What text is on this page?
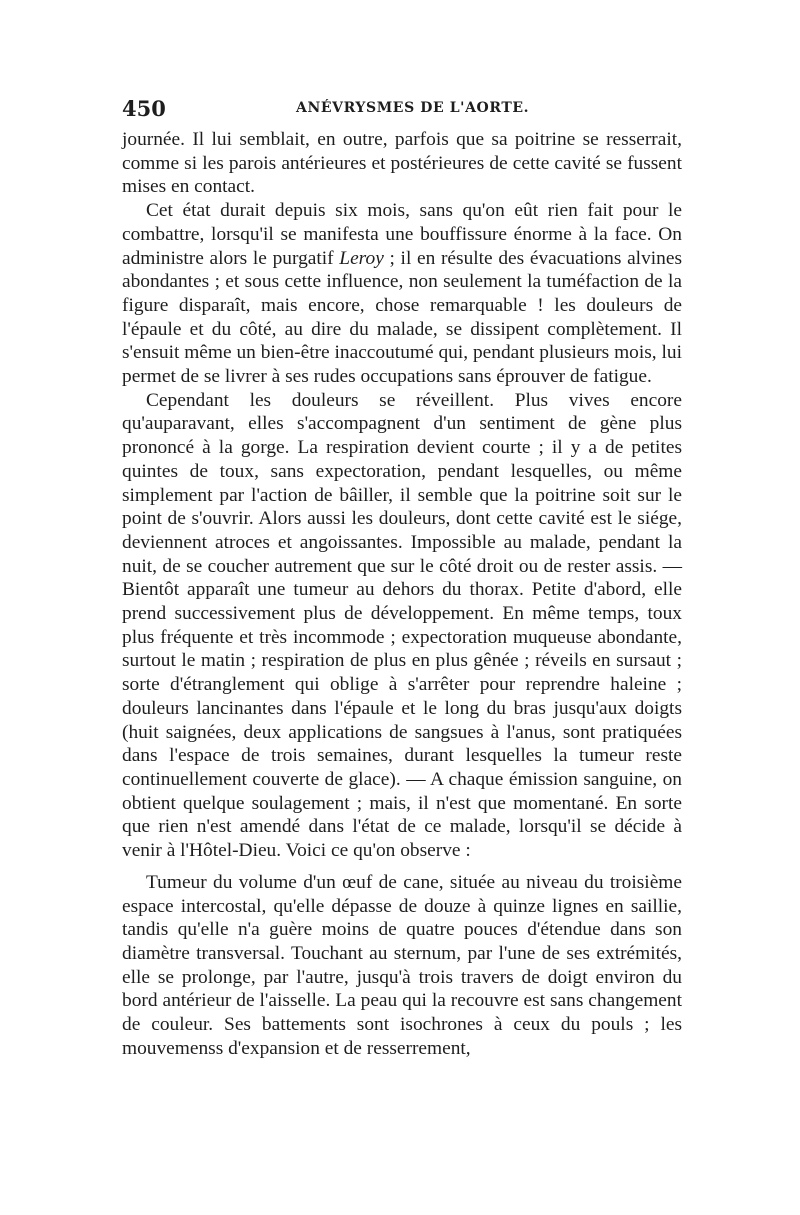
450	ANÉVRYSMES DE L'AORTE.

journée. Il lui semblait, en outre, parfois que sa poitrine se resserrait, comme si les parois antérieures et postérieures de cette cavité se fussent mises en contact.

Cet état durait depuis six mois, sans qu'on eût rien fait pour le combattre, lorsqu'il se manifesta une bouffissure énorme à la face. On administre alors le purgatif Leroy ; il en résulte des évacuations alvines abondantes ; et sous cette influence, non seulement la tuméfaction de la figure disparaît, mais encore, chose remarquable ! les douleurs de l'épaule et du côté, au dire du malade, se dissipent complètement. Il s'ensuit même un bien-être inaccoutumé qui, pendant plusieurs mois, lui permet de se livrer à ses rudes occupations sans éprouver de fatigue.

Cependant les douleurs se réveillent. Plus vives encore qu'auparavant, elles s'accompagnent d'un sentiment de gène plus prononcé à la gorge. La respiration devient courte ; il y a de petites quintes de toux, sans expectoration, pendant lesquelles, ou même simplement par l'action de bâiller, il semble que la poitrine soit sur le point de s'ouvrir. Alors aussi les douleurs, dont cette cavité est le siége, deviennent atroces et angoissantes. Impossible au malade, pendant la nuit, de se coucher autrement que sur le côté droit ou de rester assis. — Bientôt apparaît une tumeur au dehors du thorax. Petite d'abord, elle prend successivement plus de développement. En même temps, toux plus fréquente et très incommode ; expectoration muqueuse abondante, surtout le matin ; respiration de plus en plus gênée ; réveils en sursaut ; sorte d'étranglement qui oblige à s'arrêter pour reprendre haleine ; douleurs lancinantes dans l'épaule et le long du bras jusqu'aux doigts (huit saignées, deux applications de sangsues à l'anus, sont pratiquées dans l'espace de trois semaines, durant lesquelles la tumeur reste continuellement couverte de glace). — A chaque émission sanguine, on obtient quelque soulagement ; mais, il n'est que momentané. En sorte que rien n'est amendé dans l'état de ce malade, lorsqu'il se décide à venir à l'Hôtel-Dieu. Voici ce qu'on observe :

Tumeur du volume d'un œuf de cane, située au niveau du troisième espace intercostal, qu'elle dépasse de douze à quinze lignes en saillie, tandis qu'elle n'a guère moins de quatre pouces d'étendue dans son diamètre transversal. Touchant au sternum, par l'une de ses extrémités, elle se prolonge, par l'autre, jusqu'à trois travers de doigt environ du bord antérieur de l'aisselle. La peau qui la recouvre est sans changement de couleur. Ses battements sont isochrones à ceux du pouls ; les mouvemenss d'expansion et de resserrement,
